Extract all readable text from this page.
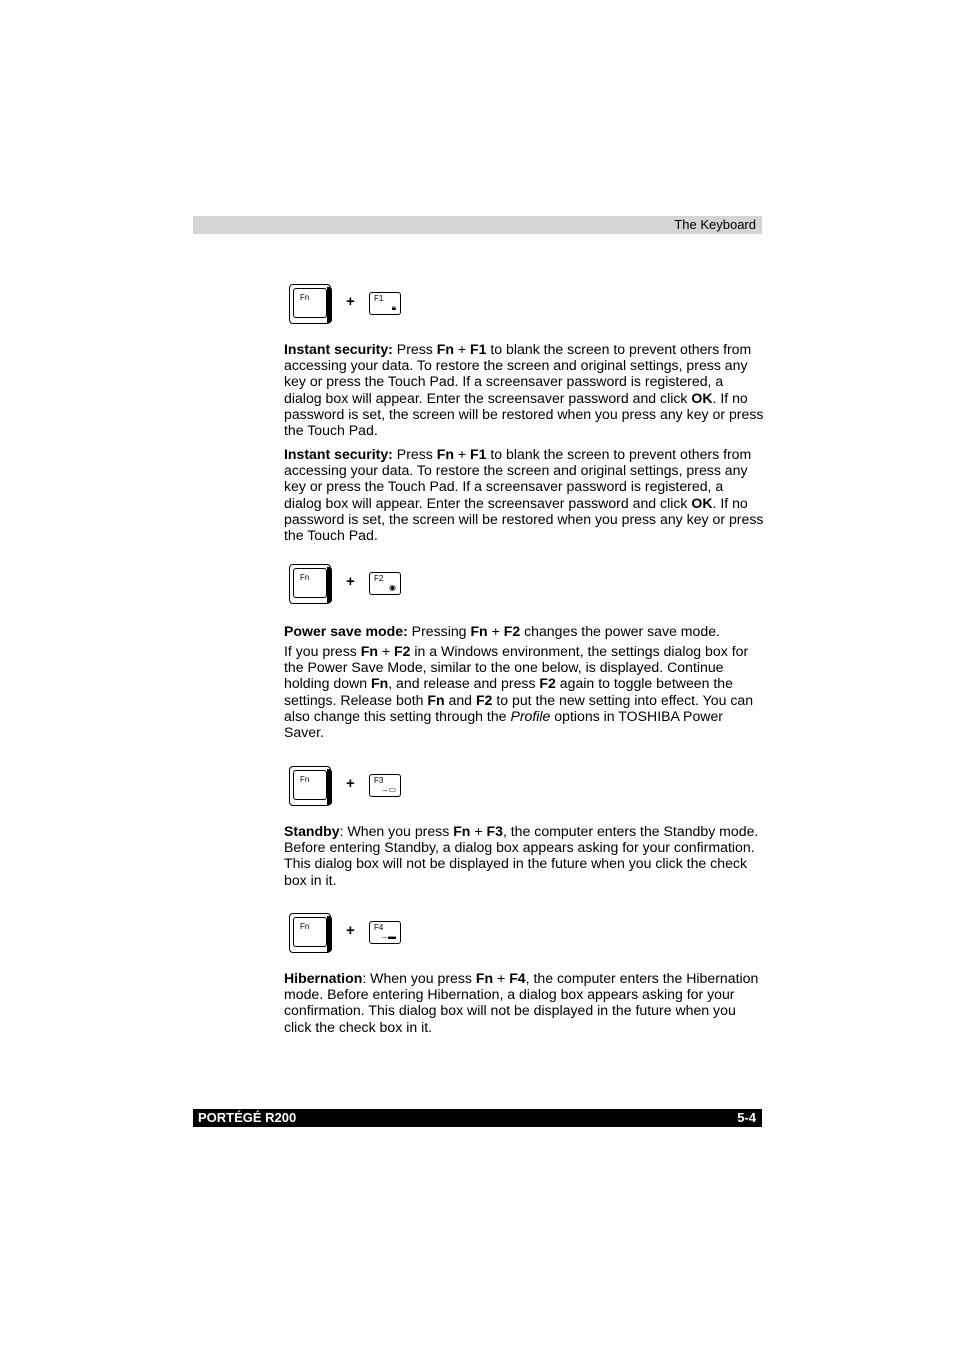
The Keyboard
Fn + F1
🔒︎

Instant security: Press Fn + F1 to blank the screen to prevent others from accessing your data. To restore the screen and original settings, press any key or press the Touch Pad. If a screensaver password is registered, a dialog box will appear. Enter the screensaver password and click OK. If no password is set, the screen will be restored when you press any key or press the Touch Pad.

Instant security: Press Fn + F1 to blank the screen to prevent others from accessing your data. To restore the screen and original settings, press any key or press the Touch Pad. If a screensaver password is registered, a dialog box will appear. Enter the screensaver password and click OK. If no password is set, the screen will be restored when you press any key or press the Touch Pad.

Fn + F2
◉

Power save mode: Pressing Fn + F2 changes the power save mode.

If you press Fn + F2 in a Windows environment, the settings dialog box for the Power Save Mode, similar to the one below, is displayed. Continue holding down Fn, and release and press F2 again to toggle between the settings. Release both Fn and F2 to put the new setting into effect. You can also change this setting through the Profile options in TOSHIBA Power Saver.

Fn + F3
→▭

Standby: When you press Fn + F3, the computer enters the Standby mode. Before entering Standby, a dialog box appears asking for your confirmation. This dialog box will not be displayed in the future when you click the check box in it.

Fn + F4
→▬

Hibernation: When you press Fn + F4, the computer enters the Hibernation mode. Before entering Hibernation, a dialog box appears asking for your confirmation. This dialog box will not be displayed in the future when you click the check box in it.

PORTÉGÉ R200	5-4
